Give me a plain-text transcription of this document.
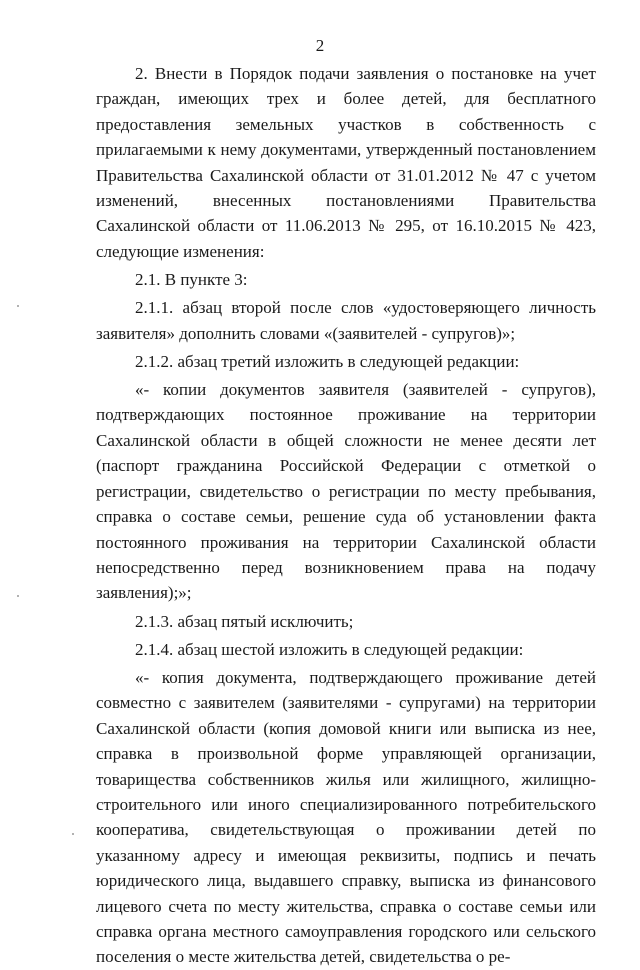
2

2. Внести в Порядок подачи заявления о постановке на учет граждан, имеющих трех и более детей, для бесплатного предоставления земельных участков в собственность с прилагаемыми к нему документами, утвержденный постановлением Правительства Сахалинской области от 31.01.2012 № 47 с учетом изменений, внесенных постановлениями Правительства Сахалинской области от 11.06.2013 № 295, от 16.10.2015 № 423, следующие изменения:

2.1. В пункте 3:

2.1.1. абзац второй после слов «удостоверяющего личность заявителя» дополнить словами «(заявителей - супругов)»;

2.1.2. абзац третий изложить в следующей редакции:

«- копии документов заявителя (заявителей - супругов), подтверждающих постоянное проживание на территории Сахалинской области в общей сложности не менее десяти лет (паспорт гражданина Российской Федерации с отметкой о регистрации, свидетельство о регистрации по месту пребывания, справка о составе семьи, решение суда об установлении факта постоянного проживания на территории Сахалинской области непосредственно перед возникновением права на подачу заявления);»;

2.1.3. абзац пятый исключить;

2.1.4. абзац шестой изложить в следующей редакции:

«- копия документа, подтверждающего проживание детей совместно с заявителем (заявителями - супругами) на территории Сахалинской области (копия домовой книги или выписка из нее, справка в произвольной форме управляющей организации, товарищества собственников жилья или жилищного, жилищно-строительного или иного специализированного потребительского кооператива, свидетельствующая о проживании детей по указанному адресу и имеющая реквизиты, подпись и печать юридического лица, выдавшего справку, выписка из финансового лицевого счета по месту жительства, справка о составе семьи или справка органа местного самоуправления городского или сельского поселения о месте жительства детей, свидетельства о ре-
